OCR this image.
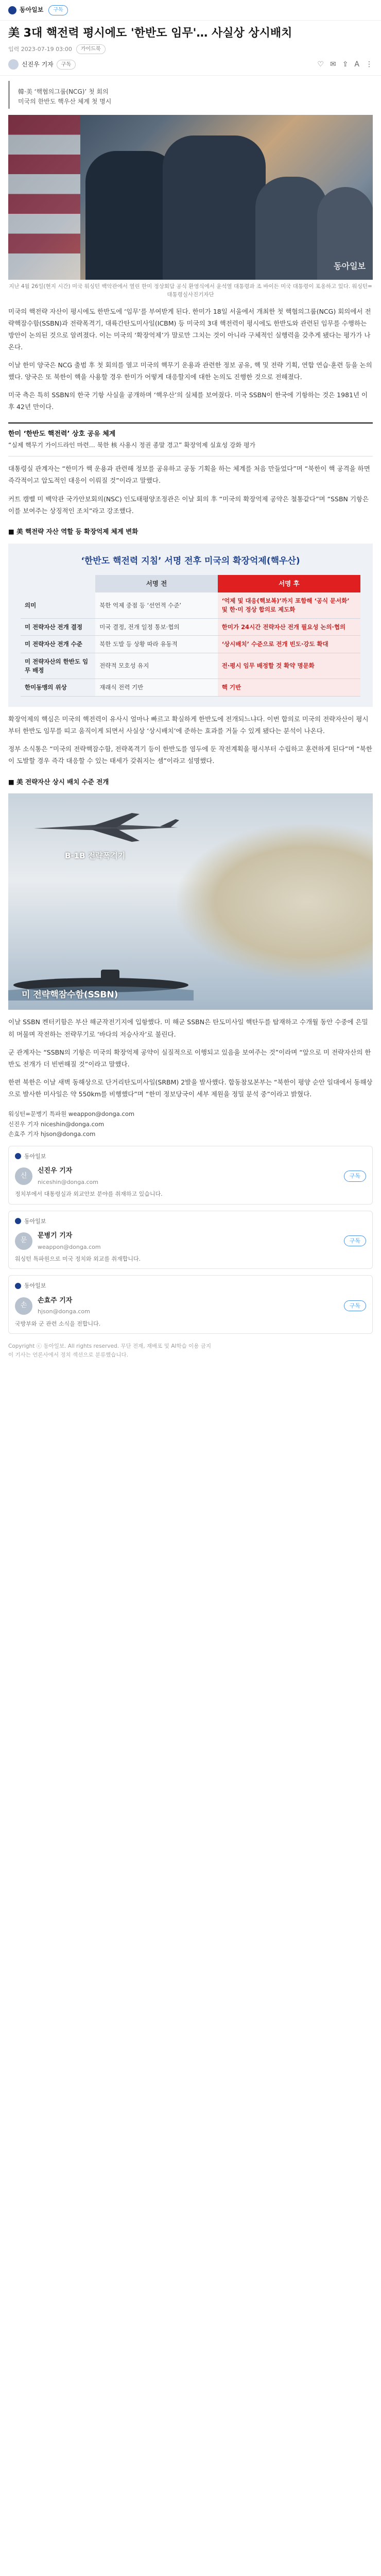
동아일보	구독
美 3대 핵전력 평시에도 '한반도 임무'… 사실상 상시배치
입력 2023-07-19 03:00	가이드북
신진우 기자	구독	♡ ✉ ⇪ A ⋮
韓·美 ‘핵협의그룹(NCG)’ 첫 회의
미국의 한반도 핵우산 체계 첫 명시
동아일보
지난 4월 26일(현지 시간) 미국 워싱턴 백악관에서 열린 한미 정상회담 공식 환영식에서 윤석열 대통령과 조 바이든 미국 대통령이 포옹하고 있다. 워싱턴=대통령실사진기자단

미국의 핵전략 자산이 평시에도 한반도에 ‘임무’를 부여받게 된다. 한미가 18일 서울에서 개최한 첫 핵협의그룹(NCG) 회의에서 전략핵잠수함(SSBN)과 전략폭격기, 대륙간탄도미사일(ICBM) 등 미국의 3대 핵전력이 평시에도 한반도와 관련된 임무를 수행하는 방안이 논의된 것으로 알려졌다. 이는 미국의 ‘확장억제’가 말로만 그치는 것이 아니라 구체적인 실행력을 갖추게 됐다는 평가가 나온다.

이날 한미 양국은 NCG 출범 후 첫 회의를 열고 미국의 핵무기 운용과 관련한 정보 공유, 핵 및 전략 기획, 연합 연습·훈련 등을 논의했다. 양국은 또 북한이 핵을 사용할 경우 한미가 어떻게 대응할지에 대한 논의도 진행한 것으로 전해졌다.

미국 측은 특히 SSBN의 한국 기항 사실을 공개하며 ‘핵우산’의 실체를 보여줬다. 미국 SSBN이 한국에 기항하는 것은 1981년 이후 42년 만이다.

한미 ‘한반도 핵전력’ 상호 공유 체계
“실제 핵무기 가이드라인 마련… 북한 核 사용시 정권 종말 경고” 확장억제 실효성 강화 평가

대통령실 관계자는 “한미가 핵 운용과 관련해 정보를 공유하고 공동 기획을 하는 체계를 처음 만들었다”며 “북한이 핵 공격을 하면 즉각적이고 압도적인 대응이 이뤄질 것”이라고 말했다.

커트 캠벨 미 백악관 국가안보회의(NSC) 인도태평양조정관은 이날 회의 후 “미국의 확장억제 공약은 철통같다”며 “SSBN 기항은 이를 보여주는 상징적인 조치”라고 강조했다.

■ 美 핵전략 자산 역할 등 확장억제 체계 변화
‘한반도 핵전력 지침’ 서명 전후 미국의 확장억제(핵우산)
	서명 전	서명 후
의미	북한 억제 중점 등 ‘선언적 수준’	‘억제 및 대응(핵보복)’까지 포함해 ‘공식 문서화’ 및 한·미 정상 합의로 제도화
미 전략자산 전개 결정	미국 결정, 전개 일정 통보·협의	한미가 24시간 전략자산 전개 필요성 논의·협의
미 전략자산 전개 수준	북한 도발 등 상황 따라 유동적	‘상시배치’ 수준으로 전개 빈도·강도 확대
미 전략자산의 한반도 임무 배정	전략적 모호성 유지	전·평시 임무 배정할 것 확약 명문화
한미동맹의 위상	재래식 전력 기반	핵 기반

확장억제의 핵심은 미국의 핵전력이 유사시 얼마나 빠르고 확실하게 한반도에 전개되느냐다. 이번 합의로 미국의 전략자산이 평시부터 한반도 임무를 띠고 움직이게 되면서 사실상 ‘상시배치’에 준하는 효과를 거둘 수 있게 됐다는 분석이 나온다.

정부 소식통은 “미국의 전략핵잠수함, 전략폭격기 등이 한반도를 염두에 둔 작전계획을 평시부터 수립하고 훈련하게 된다”며 “북한이 도발할 경우 즉각 대응할 수 있는 태세가 갖춰지는 셈”이라고 설명했다.

■ 美 전략자산 상시 배치 수준 전개
B-1B 전략폭격기
미 전략핵잠수함(SSBN)

이날 SSBN 켄터키함은 부산 해군작전기지에 입항했다. 미 해군 SSBN은 탄도미사일 핵탄두를 탑재하고 수개월 동안 수중에 은밀히 머물며 작전하는 전략무기로 ‘바다의 저승사자’로 불린다.

군 관계자는 “SSBN의 기항은 미국의 확장억제 공약이 실질적으로 이행되고 있음을 보여주는 것”이라며 “앞으로 미 전략자산의 한반도 전개가 더 빈번해질 것”이라고 말했다.

한편 북한은 이날 새벽 동해상으로 단거리탄도미사일(SRBM) 2발을 발사했다. 합동참모본부는 “북한이 평양 순안 일대에서 동해상으로 발사한 미사일은 약 550km를 비행했다”며 “한미 정보당국이 세부 제원을 정밀 분석 중”이라고 밝혔다.

워싱턴=문병기 특파원 weappon@donga.com
신진우 기자 niceshin@donga.com
손효주 기자 hjson@donga.com
동아일보
신
신진우 기자
niceshin@donga.com
구독
정치부에서 대통령실과 외교안보 분야를 취재하고 있습니다.
동아일보
문
문병기 기자
weappon@donga.com
구독
워싱턴 특파원으로 미국 정치와 외교를 취재합니다.
동아일보
손
손효주 기자
hjson@donga.com
구독
국방부와 군 관련 소식을 전합니다.
Copyright ⓒ 동아일보. All rights reserved. 무단 전재, 재배포 및 AI학습 이용 금지
이 기사는 언론사에서 정치 섹션으로 분류했습니다.
